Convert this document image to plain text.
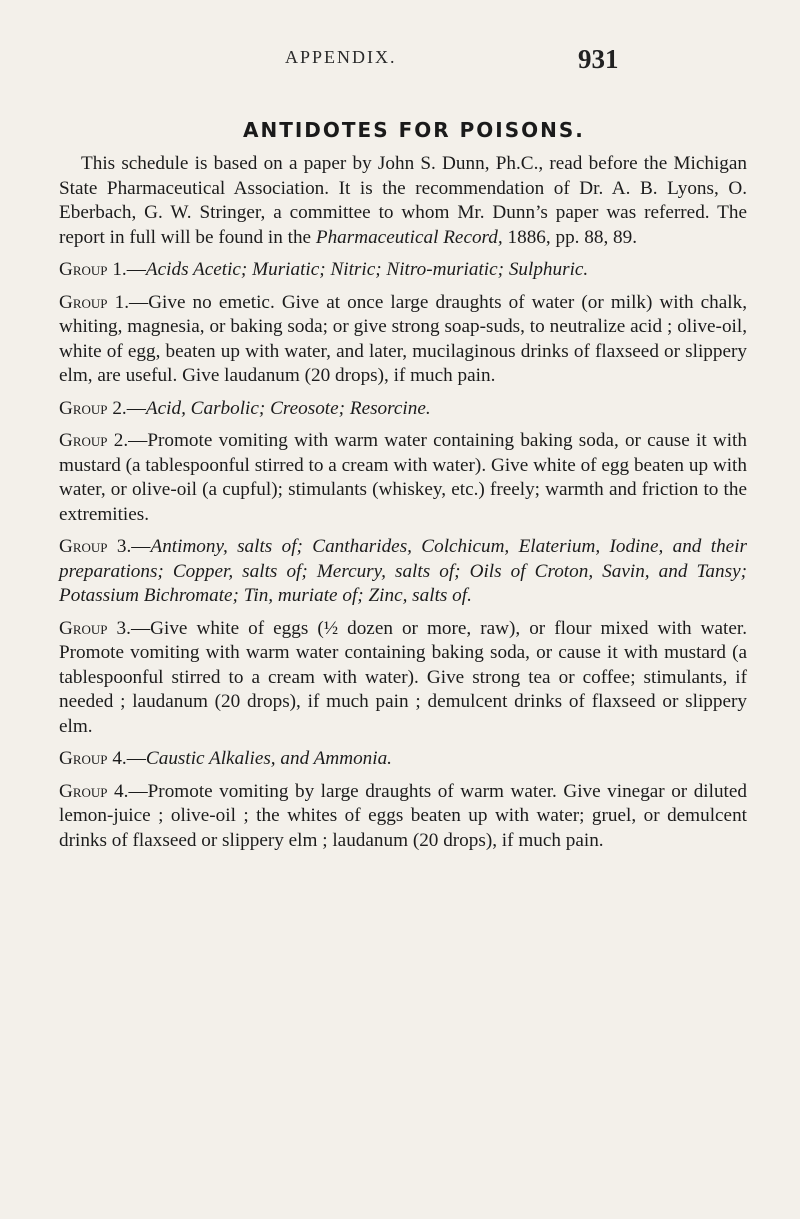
APPENDIX.	931
ANTIDOTES FOR POISONS.

This schedule is based on a paper by John S. Dunn, Ph.C., read before the Michigan State Pharmaceutical Association. It is the recommendation of Dr. A. B. Lyons, O. Eberbach, G. W. Stringer, a committee to whom Mr. Dunn’s paper was referred. The report in full will be found in the Pharmaceutical Record, 1886, pp. 88, 89.

Group 1.—Acids Acetic; Muriatic; Nitric; Nitro-muriatic; Sulphuric.

Group 1.—Give no emetic. Give at once large draughts of water (or milk) with chalk, whiting, magnesia, or baking soda; or give strong soap-suds, to neutralize acid ; olive-oil, white of egg, beaten up with water, and later, mucilaginous drinks of flaxseed or slippery elm, are useful. Give laudanum (20 drops), if much pain.

Group 2.—Acid, Carbolic; Creosote; Resorcine.

Group 2.—Promote vomiting with warm water containing baking soda, or cause it with mustard (a tablespoonful stirred to a cream with water). Give white of egg beaten up with water, or olive-oil (a cupful); stimulants (whiskey, etc.) freely; warmth and friction to the extremities.

Group 3.—Antimony, salts of; Cantharides, Colchicum, Elaterium, Iodine, and their preparations; Copper, salts of; Mercury, salts of; Oils of Croton, Savin, and Tansy; Potassium Bichromate; Tin, muriate of; Zinc, salts of.

Group 3.—Give white of eggs (½ dozen or more, raw), or flour mixed with water. Promote vomiting with warm water containing baking soda, or cause it with mustard (a tablespoonful stirred to a cream with water). Give strong tea or coffee; stimulants, if needed ; laudanum (20 drops), if much pain ; demulcent drinks of flaxseed or slippery elm.

Group 4.—Caustic Alkalies, and Ammonia.

Group 4.—Promote vomiting by large draughts of warm water. Give vinegar or diluted lemon-juice ; olive-oil ; the whites of eggs beaten up with water; gruel, or demulcent drinks of flaxseed or slippery elm ; laudanum (20 drops), if much pain.
